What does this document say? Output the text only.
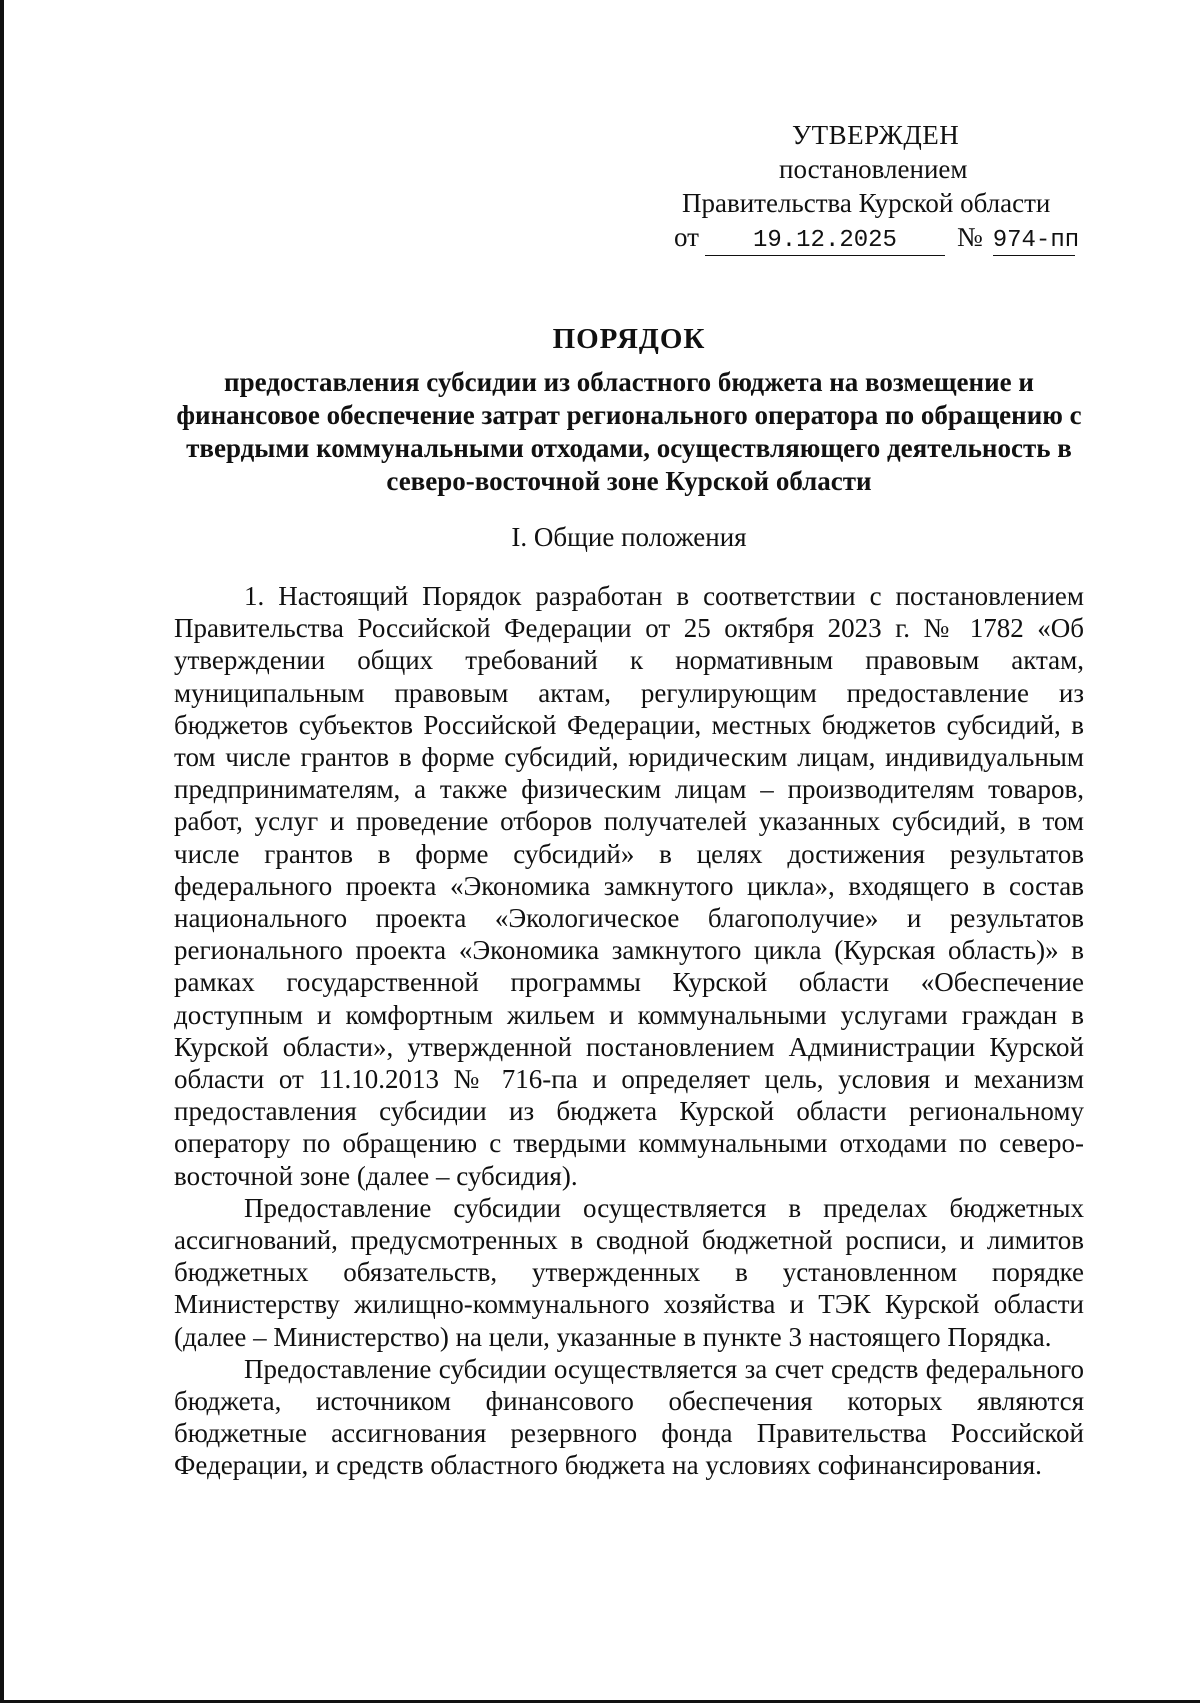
УТВЕРЖДЕН
постановлением
Правительства Курской области
от 19.12.2025 № 974-пп
ПОРЯДОК
предоставления субсидии из областного бюджета на возмещение и финансовое обеспечение затрат регионального оператора по обращению с твердыми коммунальными отходами, осуществляющего деятельность в северо-восточной зоне Курской области
I. Общие положения

1. Настоящий Порядок разработан в соответствии с постановлением Правительства Российской Федерации от 25 октября 2023 г. № 1782 «Об утверждении общих требований к нормативным правовым актам, муниципальным правовым актам, регулирующим предоставление из бюджетов субъектов Российской Федерации, местных бюджетов субсидий, в том числе грантов в форме субсидий, юридическим лицам, индивидуальным предпринимателям, а также физическим лицам – производителям товаров, работ, услуг и проведение отборов получателей указанных субсидий, в том числе грантов в форме субсидий» в целях достижения результатов федерального проекта «Экономика замкнутого цикла», входящего в состав национального проекта «Экологическое благополучие» и результатов регионального проекта «Экономика замкнутого цикла (Курская область)» в рамках государственной программы Курской области «Обеспечение доступным и комфортным жильем и коммунальными услугами граждан в Курской области», утвержденной постановлением Администрации Курской области от 11.10.2013 № 716-па и определяет цель, условия и механизм предоставления субсидии из бюджета Курской области региональному оператору по обращению с твердыми коммунальными отходами по северо-восточной зоне (далее – субсидия).

Предоставление субсидии осуществляется в пределах бюджетных ассигнований, предусмотренных в сводной бюджетной росписи, и лимитов бюджетных обязательств, утвержденных в установленном порядке Министерству жилищно-коммунального хозяйства и ТЭК Курской области (далее – Министерство) на цели, указанные в пункте 3 настоящего Порядка.

Предоставление субсидии осуществляется за счет средств федерального бюджета, источником финансового обеспечения которых являются бюджетные ассигнования резервного фонда Правительства Российской Федерации, и средств областного бюджета на условиях софинансирования.
